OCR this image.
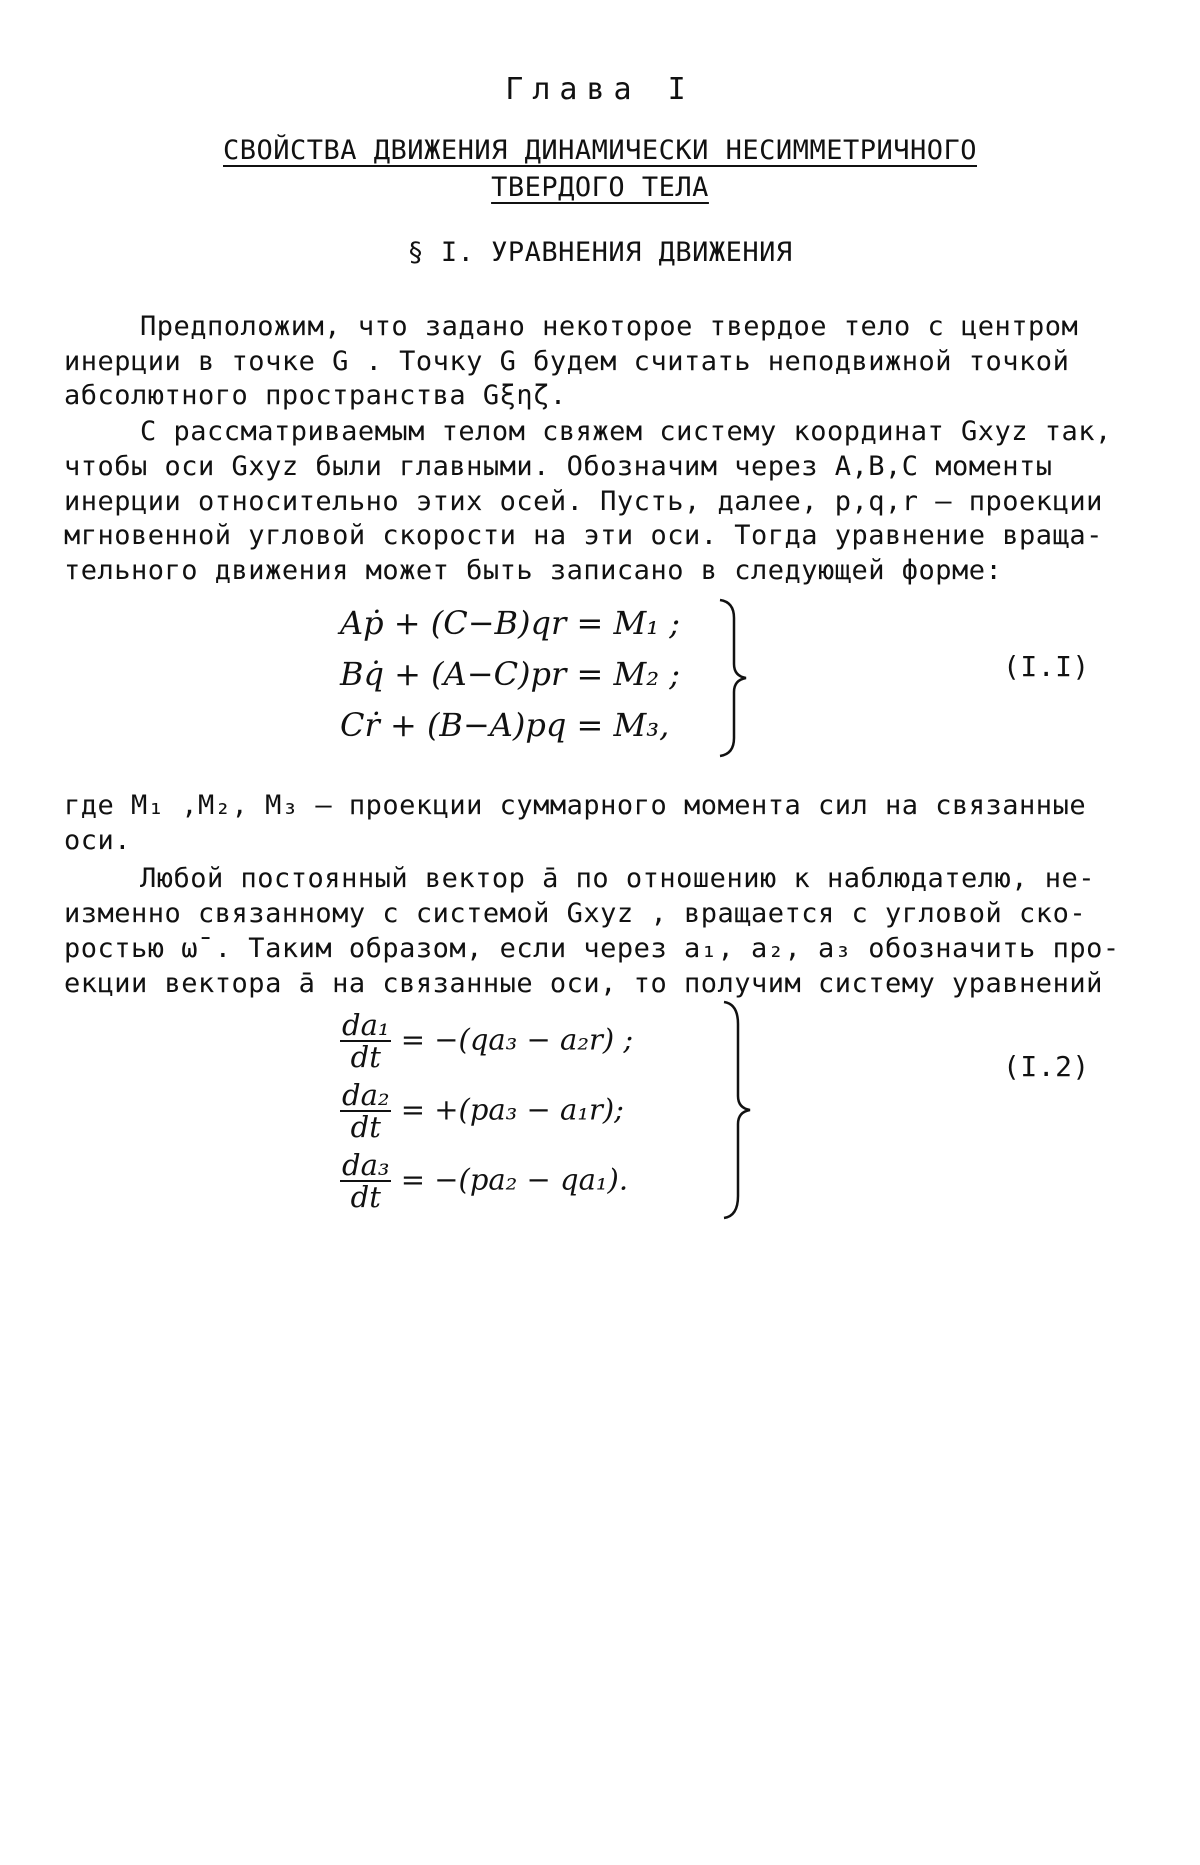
Глава I
СВОЙСТВА ДВИЖЕНИЯ ДИНАМИЧЕСКИ НЕСИММЕТРИЧНОГО
ТВЕРДОГО ТЕЛА
§ I. УРАВНЕНИЯ ДВИЖЕНИЯ
Предположим, что задано некоторое твердое тело с центром
инерции в точке G . Точку G будем считать неподвижной точкой
абсолютного пространства Gξηζ.
С рассматриваемым телом свяжем систему координат Gxyz так,
чтобы оси Gxyz были главными. Обозначим через A,B,C моменты
инерции относительно этих осей. Пусть, далее, p,q,r – проекции
мгновенной угловой скорости на эти оси. Тогда уравнение враща-
тельного движения может быть записано в следующей форме:
Aṗ + (C−B)qr = M₁ ;
Bq̇ + (A−C)pr = M₂ ;
Cṙ + (B−A)pq = M₃,
(I.I)
где M₁ ,M₂, M₃ – проекции суммарного момента сил на связанные
оси.
Любой постоянный вектор ā по отношению к наблюдателю, не-
изменно связанному с системой Gxyz , вращается с угловой ско-
ростью ω̄ . Таким образом, если через a₁, a₂, a₃ обозначить про-
екции вектора ā на связанные оси, то получим систему уравнений
$\frac{\text{da₁}}{dt} = -(qa_3 - a_2r)$ ;
$\frac{\text{da₂}}{dt} = +(pa_3 - a_1r)$;
$\frac{\text{da₃}}{dt} = -(pa_2 - qa_1)$.
(I.2)
